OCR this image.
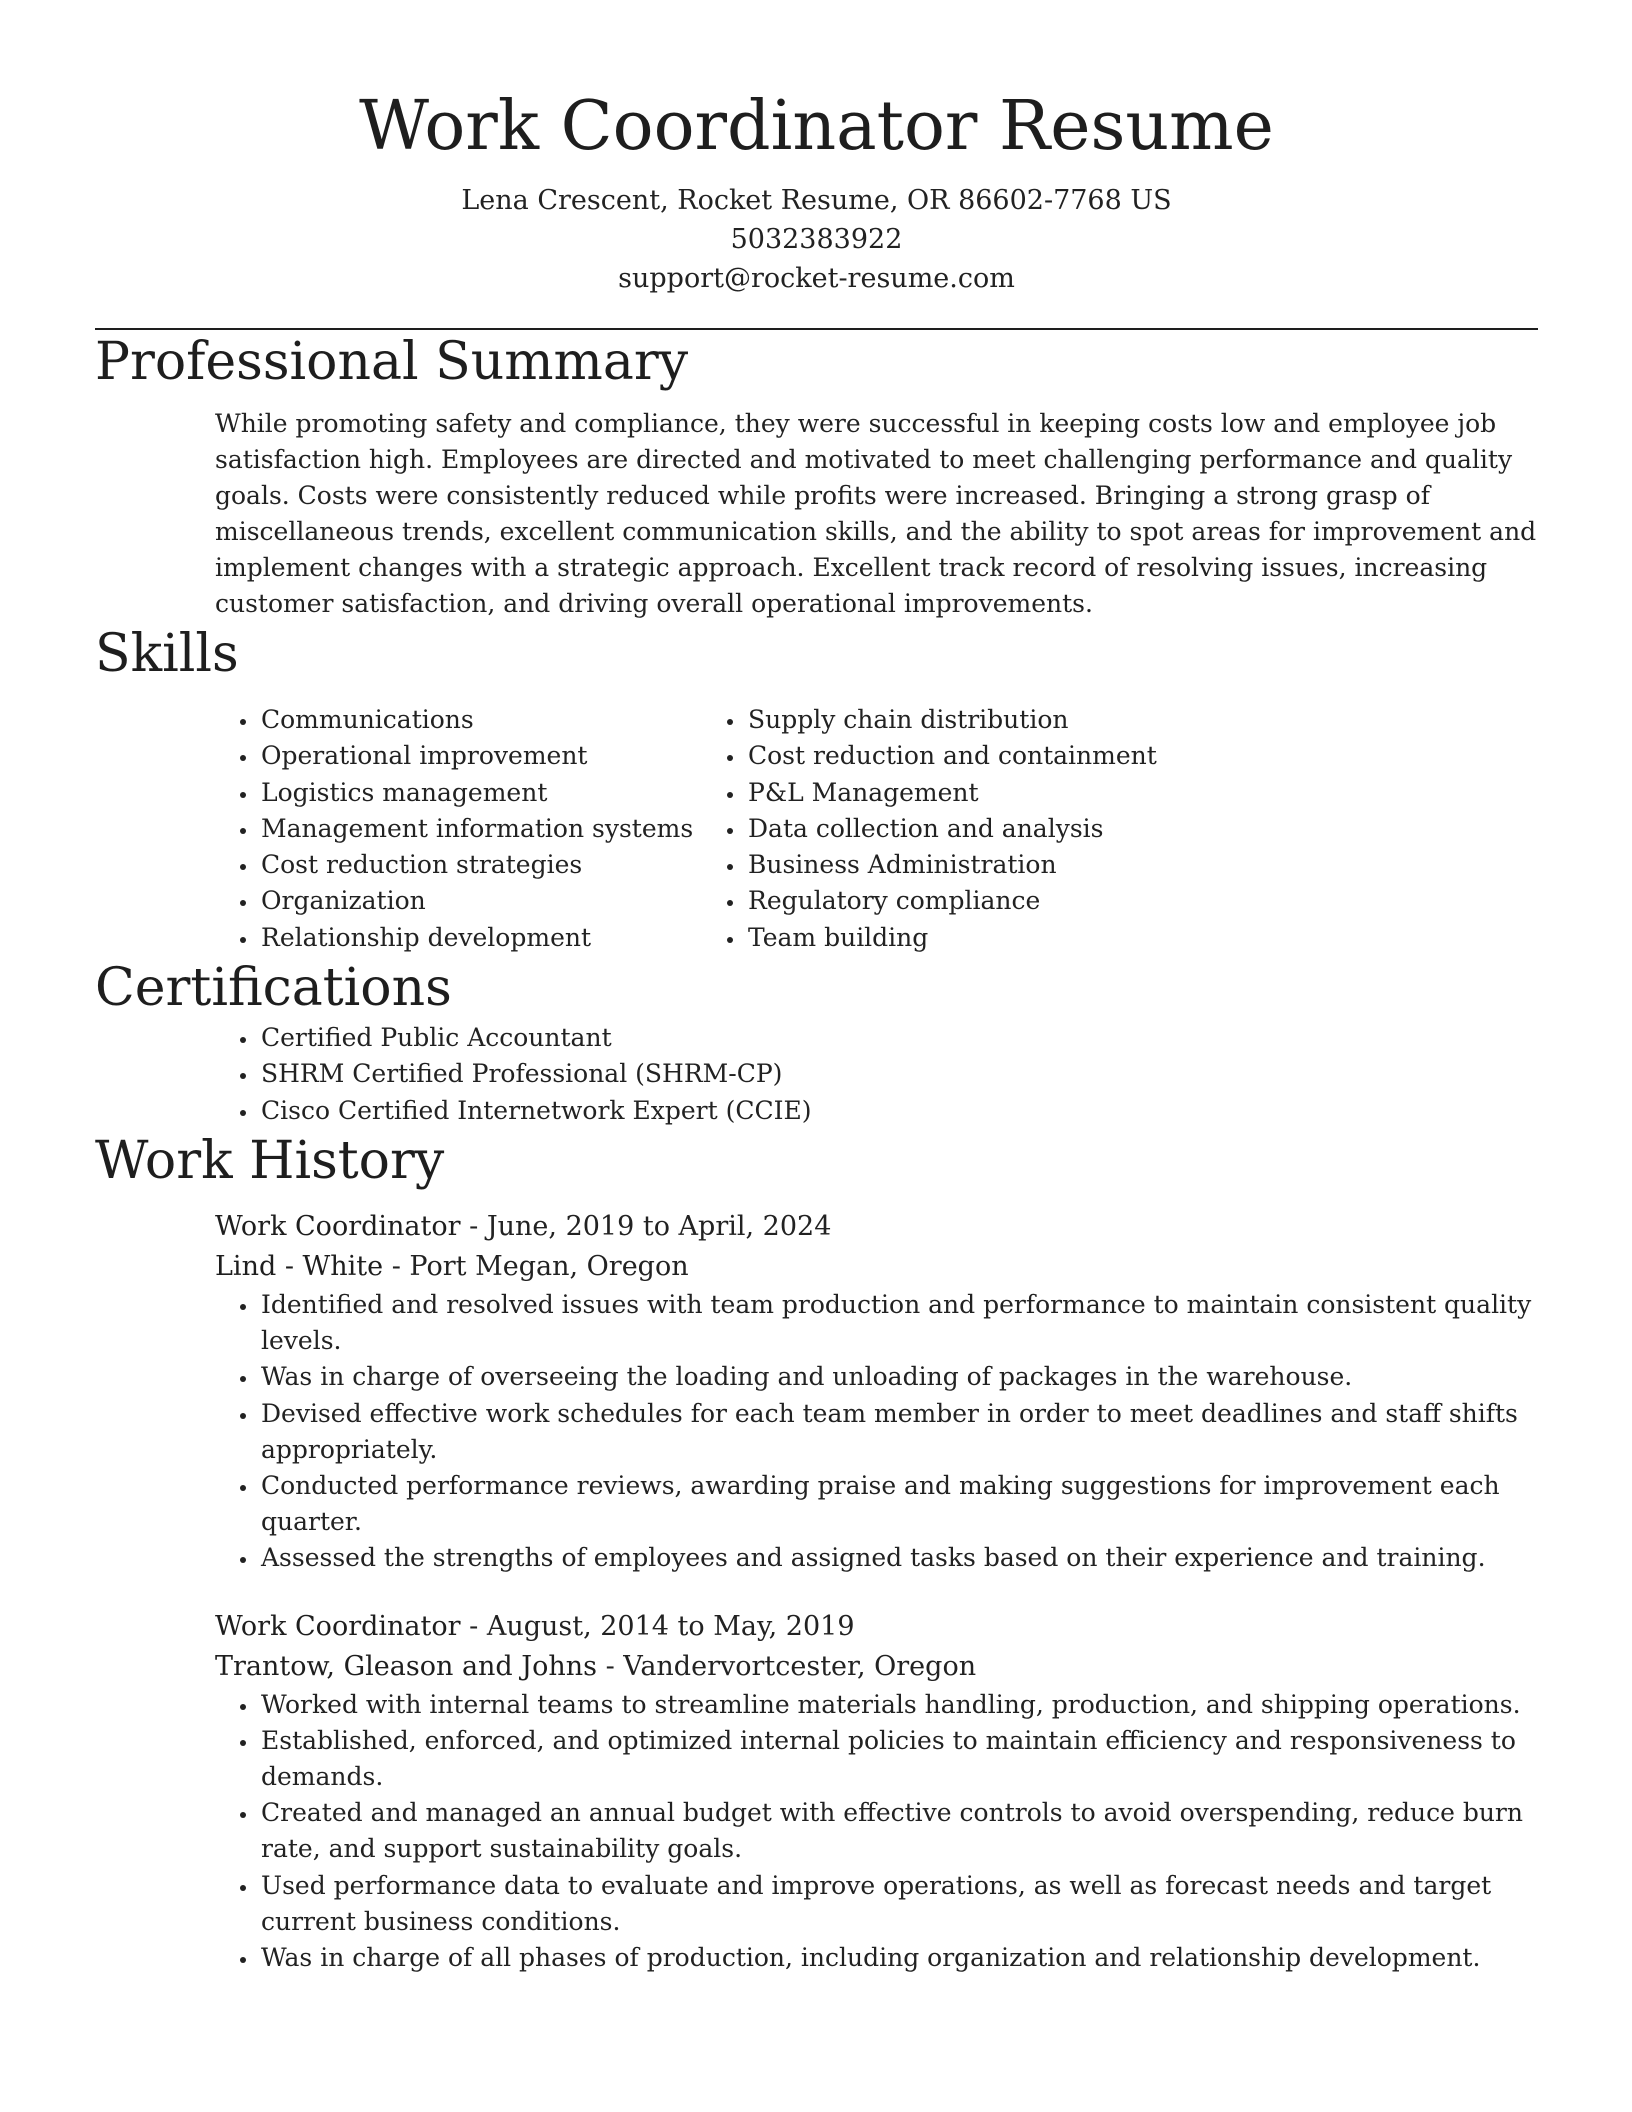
Work Coordinator Resume
Lena Crescent, Rocket Resume, OR 86602-7768 US
5032383922
support@rocket-resume.com
Professional Summary

While promoting safety and compliance, they were successful in keeping costs low and employee job satisfaction high. Employees are directed and motivated to meet challenging performance and quality goals. Costs were consistently reduced while profits were increased. Bringing a strong grasp of miscellaneous trends, excellent communication skills, and the ability to spot areas for improvement and implement changes with a strategic approach. Excellent track record of resolving issues, increasing customer satisfaction, and driving overall operational improvements.

Skills
• Communications
• Operational improvement
• Logistics management
• Management information systems
• Cost reduction strategies
• Organization
• Relationship development
• Supply chain distribution
• Cost reduction and containment
• P&L Management
• Data collection and analysis
• Business Administration
• Regulatory compliance
• Team building
Certifications
• Certified Public Accountant
• SHRM Certified Professional (SHRM-CP)
• Cisco Certified Internetwork Expert (CCIE)
Work History
Work Coordinator - June, 2019 to April, 2024
Lind - White - Port Megan, Oregon
• Identified and resolved issues with team production and performance to maintain consistent quality levels.
• Was in charge of overseeing the loading and unloading of packages in the warehouse.
• Devised effective work schedules for each team member in order to meet deadlines and staff shifts appropriately.
• Conducted performance reviews, awarding praise and making suggestions for improvement each quarter.
• Assessed the strengths of employees and assigned tasks based on their experience and training.
Work Coordinator - August, 2014 to May, 2019
Trantow, Gleason and Johns - Vandervortcester, Oregon
• Worked with internal teams to streamline materials handling, production, and shipping operations.
• Established, enforced, and optimized internal policies to maintain efficiency and responsiveness to demands.
• Created and managed an annual budget with effective controls to avoid overspending, reduce burn rate, and support sustainability goals.
• Used performance data to evaluate and improve operations, as well as forecast needs and target current business conditions.
• Was in charge of all phases of production, including organization and relationship development.
